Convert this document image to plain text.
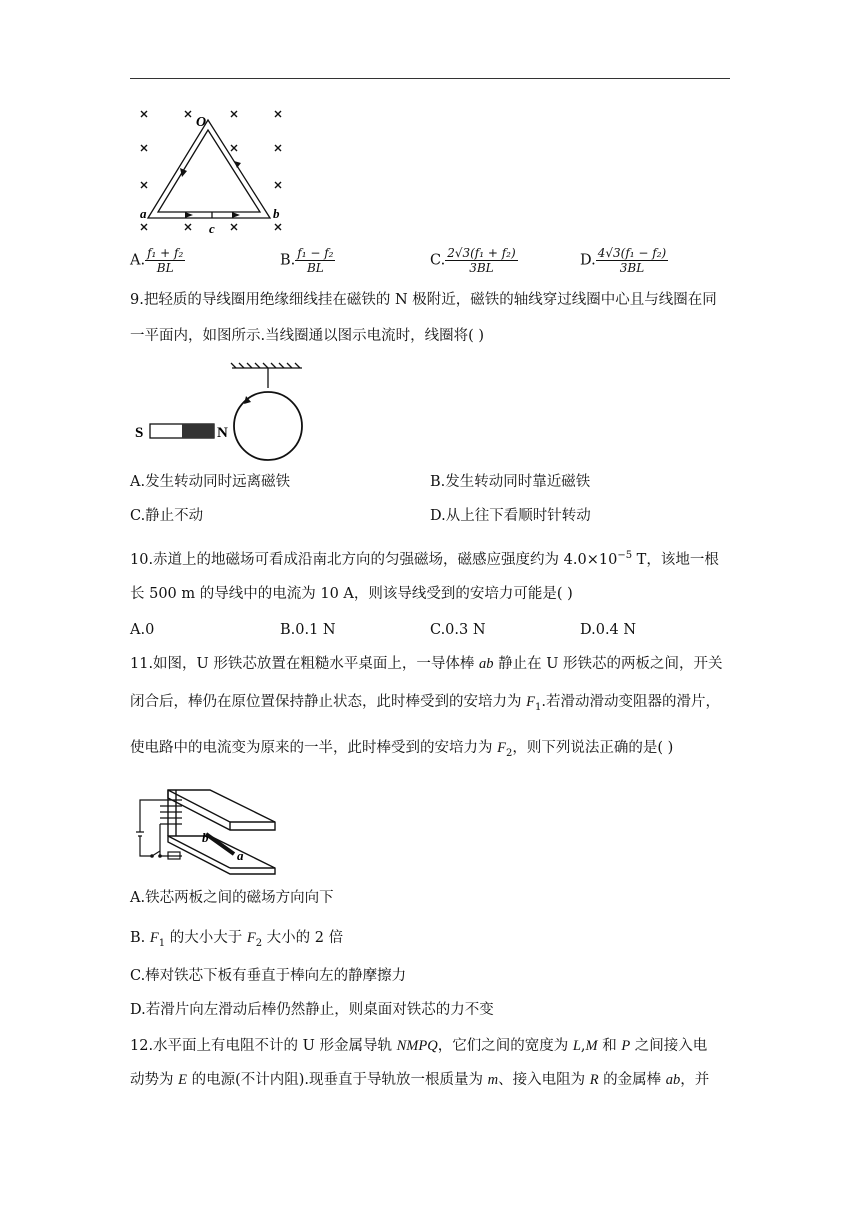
O
a	b
c
A. $\frac{\text{f₁ + f₂}}{BL}$	B. $\frac{\text{f₁ − f₂}}{BL}$	C. $\frac{\text{2√3(f₁ + f₂)}}{3BL}$	D. $\frac{\text{4√3(f₁ − f₂)}}{3BL}$
9.把轻质的导线圈用绝缘细线挂在磁铁的 N 极附近，磁铁的轴线穿过线圈中心且与线圈在同
一平面内，如图所示.当线圈通以图示电流时，线圈将( )
S	N
A.发生转动同时远离磁铁	B.发生转动同时靠近磁铁
C.静止不动	D.从上往下看顺时针转动
10.赤道上的地磁场可看成沿南北方向的匀强磁场，磁感应强度约为 $4.0\times 10^{-5}$ T，该地一根
长 500 m 的导线中的电流为 10 A，则该导线受到的安培力可能是( )
A.0	B.0.1 N	C.0.3 N	D.0.4 N
11.如图，U 形铁芯放置在粗糙水平桌面上，一导体棒 ab 静止在 U 形铁芯的两板之间，开关
闭合后，棒仍在原位置保持静止状态，此时棒受到的安培力为 $F_1$.若滑动滑动变阻器的滑片，
使电路中的电流变为原来的一半，此时棒受到的安培力为 $F_2$，则下列说法正确的是( )
b
a
A.铁芯两板之间的磁场方向向下
B. $F_1$ 的大小大于 $F_2$ 大小的 2 倍
C.棒对铁芯下板有垂直于棒向左的静摩擦力
D.若滑片向左滑动后棒仍然静止，则桌面对铁芯的力不变
12.水平面上有电阻不计的 U 形金属导轨 NMPQ，它们之间的宽度为 L,M 和 P 之间接入电
动势为 E 的电源(不计内阻).现垂直于导轨放一根质量为 m、接入电阻为 R 的金属棒 ab，并
